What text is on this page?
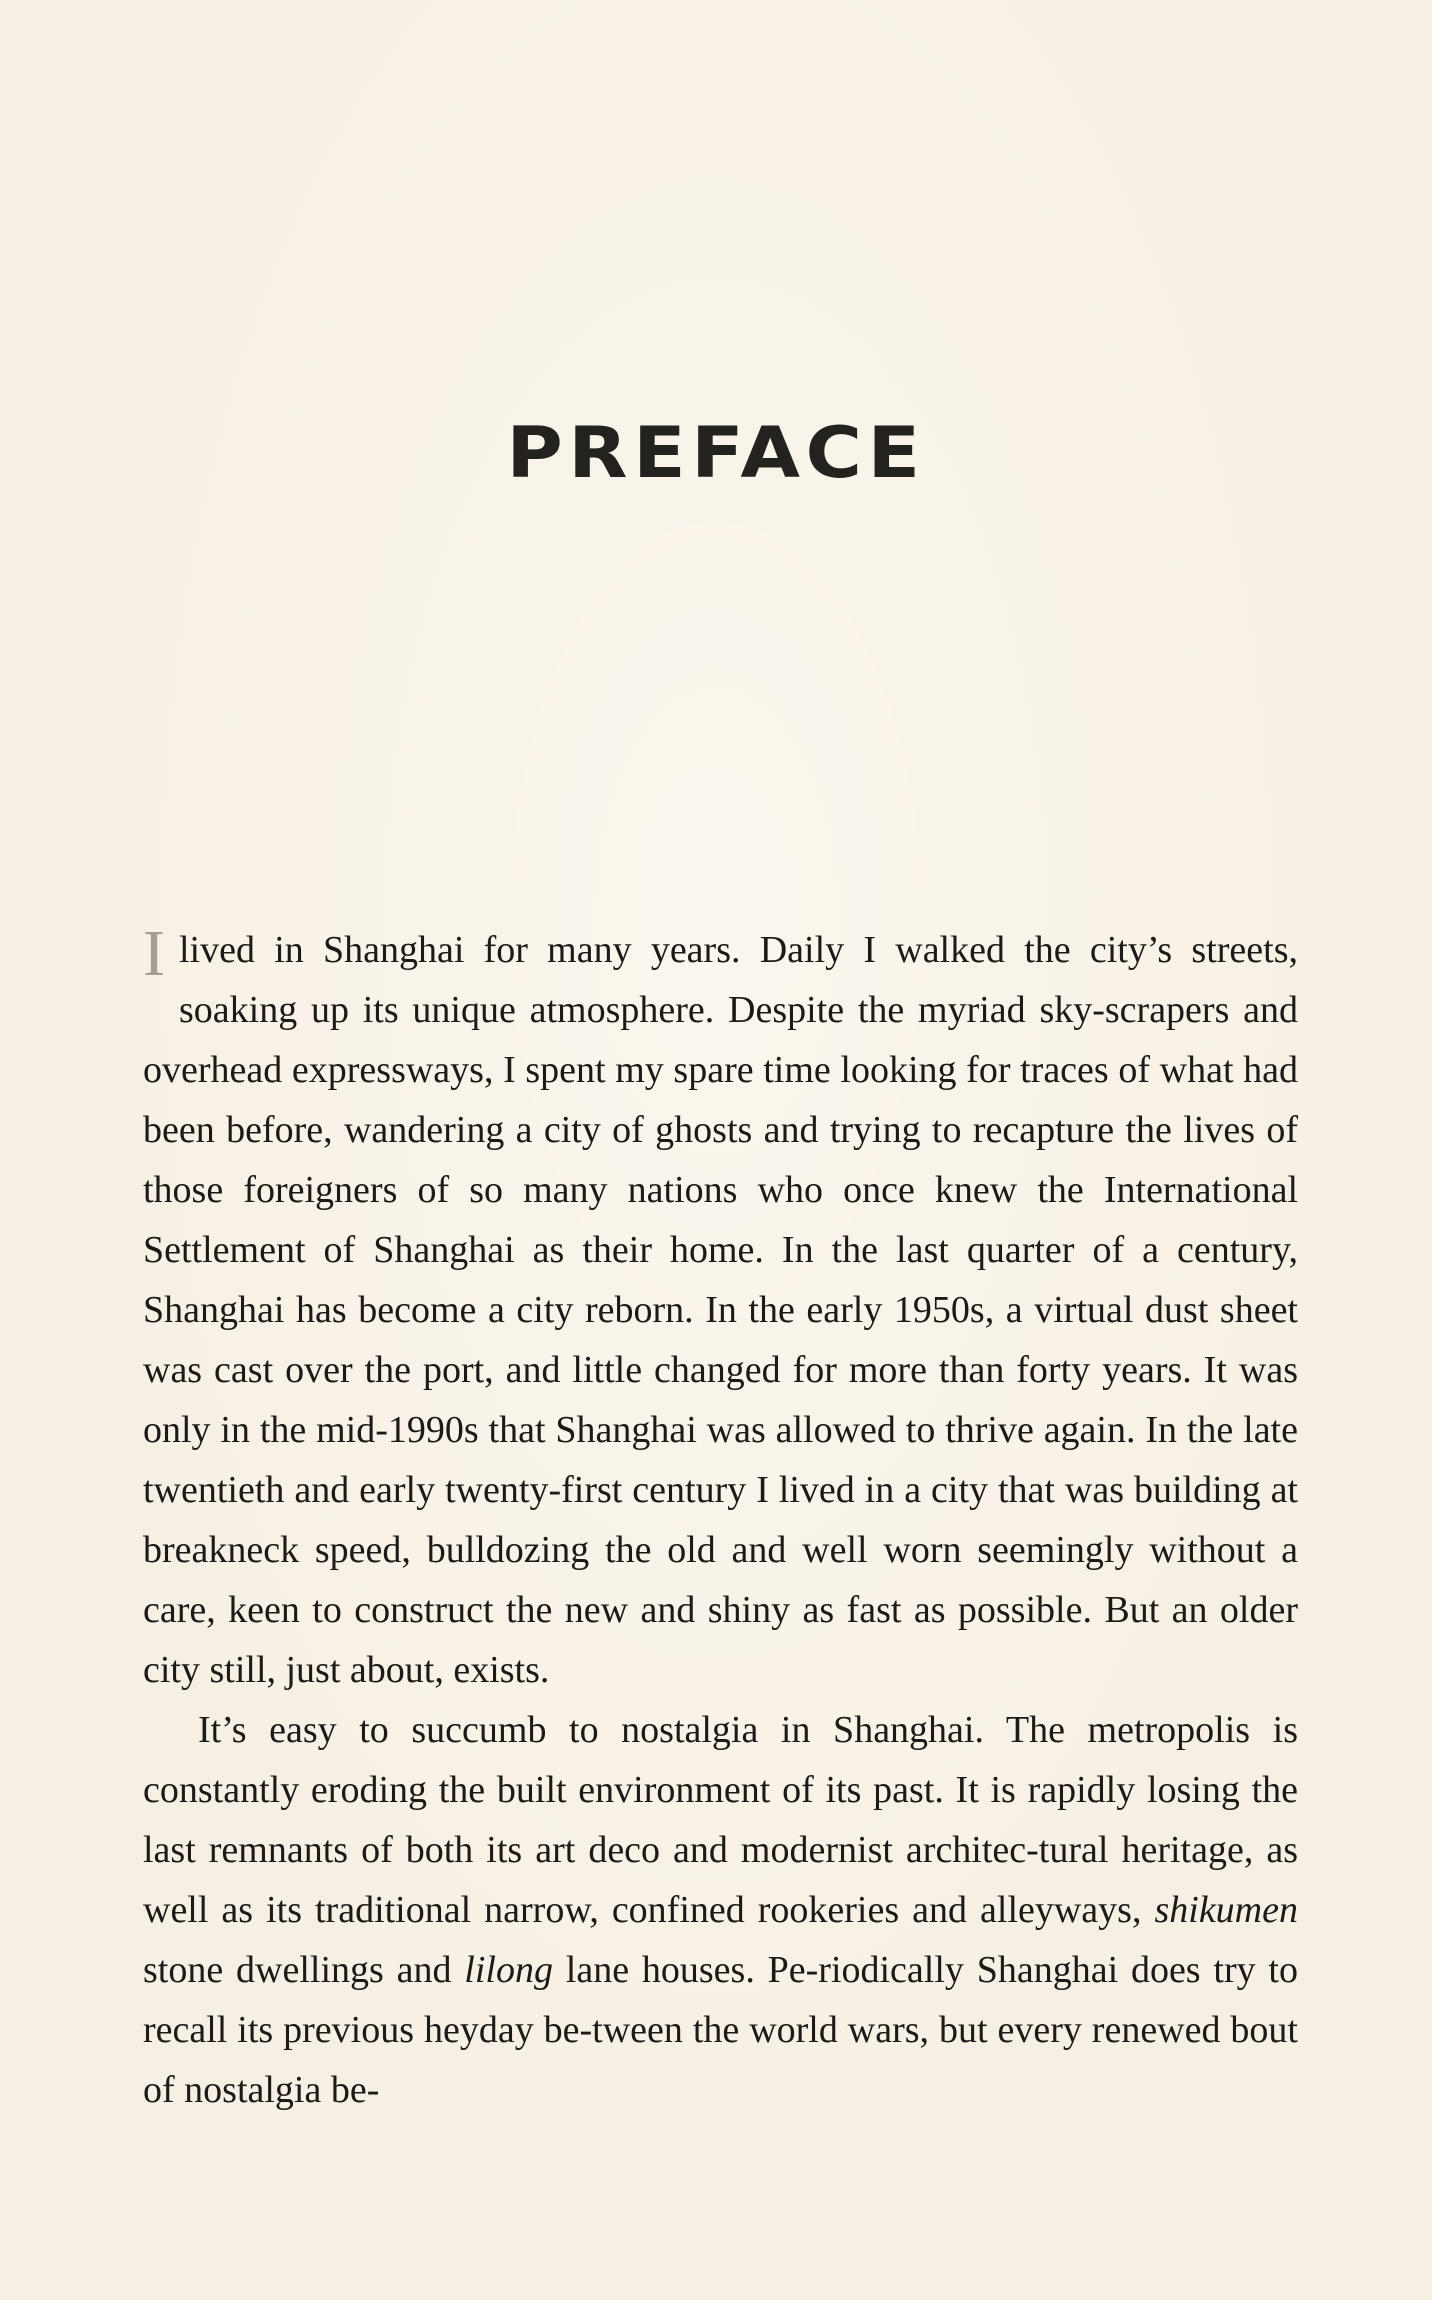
PREFACE

Ilived in Shanghai for many years. Daily I walked the city’s streets, soaking up its unique atmosphere. Despite the myriad sky-scrapers and overhead expressways, I spent my spare time looking for traces of what had been before, wandering a city of ghosts and trying to recapture the lives of those foreigners of so many nations who once knew the International Settlement of Shanghai as their home. In the last quarter of a century, Shanghai has become a city reborn. In the early 1950s, a virtual dust sheet was cast over the port, and little changed for more than forty years. It was only in the mid-1990s that Shanghai was allowed to thrive again. In the late twentieth and early twenty-first century I lived in a city that was building at breakneck speed, bulldozing the old and well worn seemingly without a care, keen to construct the new and shiny as fast as possible. But an older city still, just about, exists.

It’s easy to succumb to nostalgia in Shanghai. The metropolis is constantly eroding the built environment of its past. It is rapidly losing the last remnants of both its art deco and modernist architec-tural heritage, as well as its traditional narrow, confined rookeries and alleyways, shikumen stone dwellings and lilong lane houses. Pe-riodically Shanghai does try to recall its previous heyday be-tween the world wars, but every renewed bout of nostalgia be-
